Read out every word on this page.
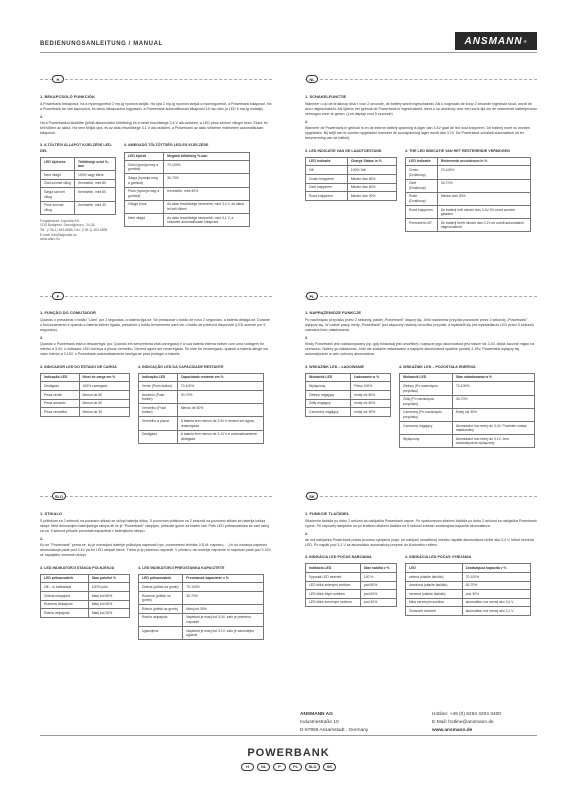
BEDIENUNGSANLEITUNG / MANUAL	ANSMANN ®
H	NL
P	PL
SLO	SK
1. BEKAPCSOLÓ FUNKCIÓK
A Powerbank bekapcsol, ha a nyomógombot 2 mp-ig nyomva tartják. Ha újra 2 mp-ig nyomva tartjuk a nyomógombot, a Powerbank kikapcsol. Ha a Powerbank be van kapcsolva, és nincs rákapcsolva fogyasztó, a Powerbank automatikusan kikapcsol 15 mp után (a LED 5 mp-ig mutatja).
2.
Ha a Powerbankot kisütötte (jelölő akkumulátor töltöttség) és a belső feszültsége 3,4 V alá csökken, a LED piros színnel villogni kezd. Ekkor fel kell tölteni az akkut. Ha nem töltjük újra, és az akku feszültsége 3,1 V alá csökken, a Powerbank az akku védelme érdekében automatikusan kikapcsol.
3. A TÖLTÉSI ÁLLAPOT KIJELZÉSE LED-DEL
LED kijelzése	Töltöttségi szint %-ban
Nem világít	100% vagy töltve
Zöld színnel villog	Kevesebb, mint 80
Sárga színnel villog	Kevesebb, mint 60
Piros színnel villog	Kevesebb, mint 30
Forgalmazza: Kapuvita Kft.
1115 Budapest, Szendyjutca u. 24-26.
Tel.: (+36-1) 463-8888, Fax: (+36-1) 463-0899
E-mail: info@kapuvita.hu
www.ahko.hu
4. AMEGADÓ TÖLTÖTTSÉG LED-ES KIJELZÉSE
LED kijelző	Megadó töltöttség %-ban
Zöld (nyomja meg a gombot)	70-100%
Sárga (nyomja meg a gombot)	30-70%
Piros (nyomja meg a gombot)	Kevesebb, mint 30%
Villogó piros	Az akku feszültsége kevesebb, mint 3,4 V, az akkut fel kell tölteni
Nem világít	Az akku feszültsége kevesebb, mint 3,1 V, a készülék automatikusan kikapcsol
1. SCHAKELFUNCTIE
Wanneer u op de drukknop druk t voor 2 seconde, de battery wordt ingeschakeld. Als u nogmaals de knop 2 seconde ingedrukt houd, wordt de accu uitgeschakeld. Als tijdens het gebruik de Powerbank is ingeschakeld, dient u op drukknop voor een korte tijd om de resterende batterijniveau vermogen weer te geven. (Led display voor 5 seconde)
2.
Wanneer de Powerbank in gebruik is en de interne batterij spanning is lager dan 3.4V gaat de led rood knipperen. De batterij moet nu worden opgeladen. Bij twijfl van te worden opgeladen wanneer de accuspanning lager wordt dan 3.1V. De Powerbank schakelt automatisch uit ter bescherming van de batterij.
3. LED INDICATIE VAN DE LAADTOESTAND
LED indicatie	Charge Status in %
Off	100% Vol!
Groen knipperen	Minder dan 80%
Geel knipperen	Minder dan 60%
Rood knipperen	Minder dan 30%
4. THE LED INDICATIE VAN HET RESTERENDE VERMOGEN
LED Indicatie	Resterende accustroom in %
Groen (Drukknop)	70-100%
Geel (Drukknop)	30-70%
Rode (Drukknop)	Minder dan 30%
Rood knipperen	De batterij heft minder dan 3.4V. En moet worden geladen
Permanent UIT	De batterij heeft minder dan 3.1V en wordt automatisch uitgeschakeld
1. FUNÇÃO DO COMUTADOR
Quando o pressionar o botão "Liam" por 2 segundos, a bateria liga-se. Se pressionar o botão de novo 2 segundos, a bateria desliga-se. Durante o funcionamento e quando a bateria estiver ligada, pressione o botão brevemente para ver o botão de potência disponível (LED acende por 5 segundos).
2.
Quando o Powerbank está a descarregar (ou: Quando em sem(rethma está carregado) e a sua bateria interna estiver com uma voltagem for inferior a 3.4V, o indicador LED começa a piscar vermelho. Deverá agora ser recarregado. Se este for recarregado, quando a bateria atingir um valor inferior a 3.15V, o Powerbank automaticamente desliga-se para proteger a bateria.
3. INDICADOR LED DO ESTADO DE CARGA
Indicação LED	Nível de carga em %
Desligado	100% carregado
Pisca verde	Menos de 80
Pisca amarelo	Menos de 60
Pisca vermelho	Menos de 30
4. INDICAÇÃO LED DA CAPACIDADE RESTANTE
Indicação LED	Capacidade restante em %
Verde (Push button)	70-100%
Amarelo (Push button)	30-70%
Vermelho (Push button)	Menos de 30%
Vermelho a piscar	A bateria tem menos de 3.4V e deverá ser agora recarregada
Desligado	A bateria tem menos de 3.1V e é automaticamente desligada
1. NAPRĄŻENIOZE FUNKCJE
Po naciśnięciu przycisku przez 2 sekundy, pakiet „Powerbank" włączy się. Jeśli naciśniesz przycisk ponownie przez 2 sekundy „Powerbank" wyłączy się. W czasie pracy, kiedy „Powerbank" jest włączony naciśnij na krótko przycisk, a wyświetli się (na wyświetlaczu LED przez 5 sekund) zalecana ilość naładowania.
2.
Kiedy Powerbank jest rozładowywany (np. gdy bilokowaj jest umorfilne) i napięcie jego akumulatora jest niższe niż 3,4V, dioda zacznie migać na czerwono. Należy go naładować. Jeśli nie zostanie naładowany a napięcie akumulatora spadnie poniżej 3,15V, Powerbank wyłączy się automatycznie w celu ochrony akumulatora.
3. WSKAŹNIK LED – ŁADOWANIE
Wskaźnik LED	Ładowanie w %
Wyłączony	Pełny 100%
Zielony migający	mniej niż 80%
Żółty migający	mniej niż 60%
Czerwony migający	mniej niż 30%
4. WSKAŹNIK LED – POZOSTAŁA ENERGIA
Wskaźnik LED	Stan naładowania w %
Zielony (Po naciśnięciu przycisku)	70-100%
Żółty (Po naciśnięciu przycisku)	30-70%
Czerwony (Po naciśnięciu przycisku)	Mniej niż 30%
Czerwony migający	Akumulator ma mniej niż 3,4V. Powinien zostać naładowany
Wyłączony	Akumulator ma mniej niż 3,1V. Jest automatycznie wyłączany
1. STIKALO
S pritiskom za 2 sekundi na pozicano stikalo se vklopi baterija sklop. S ponovnim pritiskom za 2 sekundi na pozicano stikalo se baterija izklopi sklopi. Med delovanjem baterijskega sklopa ali če je "Powerbank" vklopljen, pritisnite gumb za kratek čas. Prek LED prikazovalnika se vam takoj za ca. 5 sekund prikaže preostala kapaciteta v baterijskem sklopu.
2.
Ko se "Powerbank" porna se, ko je notranjost baterije polikoljna napetosti (npr. porameterni tehnika, KS-M, napravo, ...) in ko notranja napetost akumulatorja pade pod 3.4V pa bo LED utripati rdeče. Treba jo je potrebno napolniti. V primeru, da omrežje napolnite in napetost pade pod 3.15V, se napajalno vmesnik izklopi.
3. LED INDIKATORJI STANJA POLNJENJA
LED prikazovalnik	Stan polnilni %
Off – ni indikatorja	100% poln
Zelena utripajoča	Manj kot 80%
Rumena utripajoča	Manj kot 60%
Rdeča utripajoča	Manj kot 30%
4. LED INDIKATORJI PREOSTANKA KAPACITETE
LED prikazovalnik	Preostanek kapacitete v %
Zelena (pritisk na gumb)	70-100%
Rumena (pritisk na gumb)	30-70%
Rdeča (pritisk na gumb)	Manj kot 30%
Rdeča utripajoča	Napetost je manj kot 3,4V, zato je potrebno napolniti
Ugasnjena	Napetost je manj kot 3,1V, zato je samodejno ugasne
1. FUNKCIE TLAČIDIEL
Stlačením tlačidla po dobu 2 sekúnd sa nabíjačka Powerbank zapne. Po opakovanom stlačení tlačidla po dobu 2 sekúnd sa nabíjačka Powerbank vypne. Pri zapnutej nabíjačke sa po krátkom stlačení tlačidla na 5 sekúnd zobrazí zostávajúca kapacita akumulátora.
2.
Ak má nabíjačka Powerbank počas procesu vybíjania (napr. pri nabíjaní smartfónu) mieško napätie akumulátora nižšie ako 3,4 V, blikať červená LED. Po napätí pod 3,1 V sa akumulátor automaticky preprne do kľudového režimu.
3. INDIKÁCIA LED POČAS NABÍJANIA
Indikácia LED	Stav nabitia v %
Vypnutá LED nesvietí	100 %
LED bliká zelenými svetlom	pod 80%
LED bliká žltým svetlom	pod 60%
LED bliká červeným svetlom	pod 30%
4. INDIKÁCIA LED POČAS VYBÍJANIA
LED	Zostávajúca kapacita v %
zelená (stlačte tlačidlo)	70-100%
oranžová (stlačte tlačidlo)	30-70%
červená (stlačte tlačidlo)	pod 30%
bliká červeným svetlom	akumulátor má menej ako 3,4 V
Zhasnuté nesvietí	akumulátor má menej ako 3,1 V
ANSMANN AG
Industriestraße 10
D-97959 Assamstadt . Germany
Hotline: +49 (0) 6294 4204 3400
E-Mail: hotline@ansmann.de
www.ansmann.de
POWERBANK
H	NL	P	PL	SLO	SK
